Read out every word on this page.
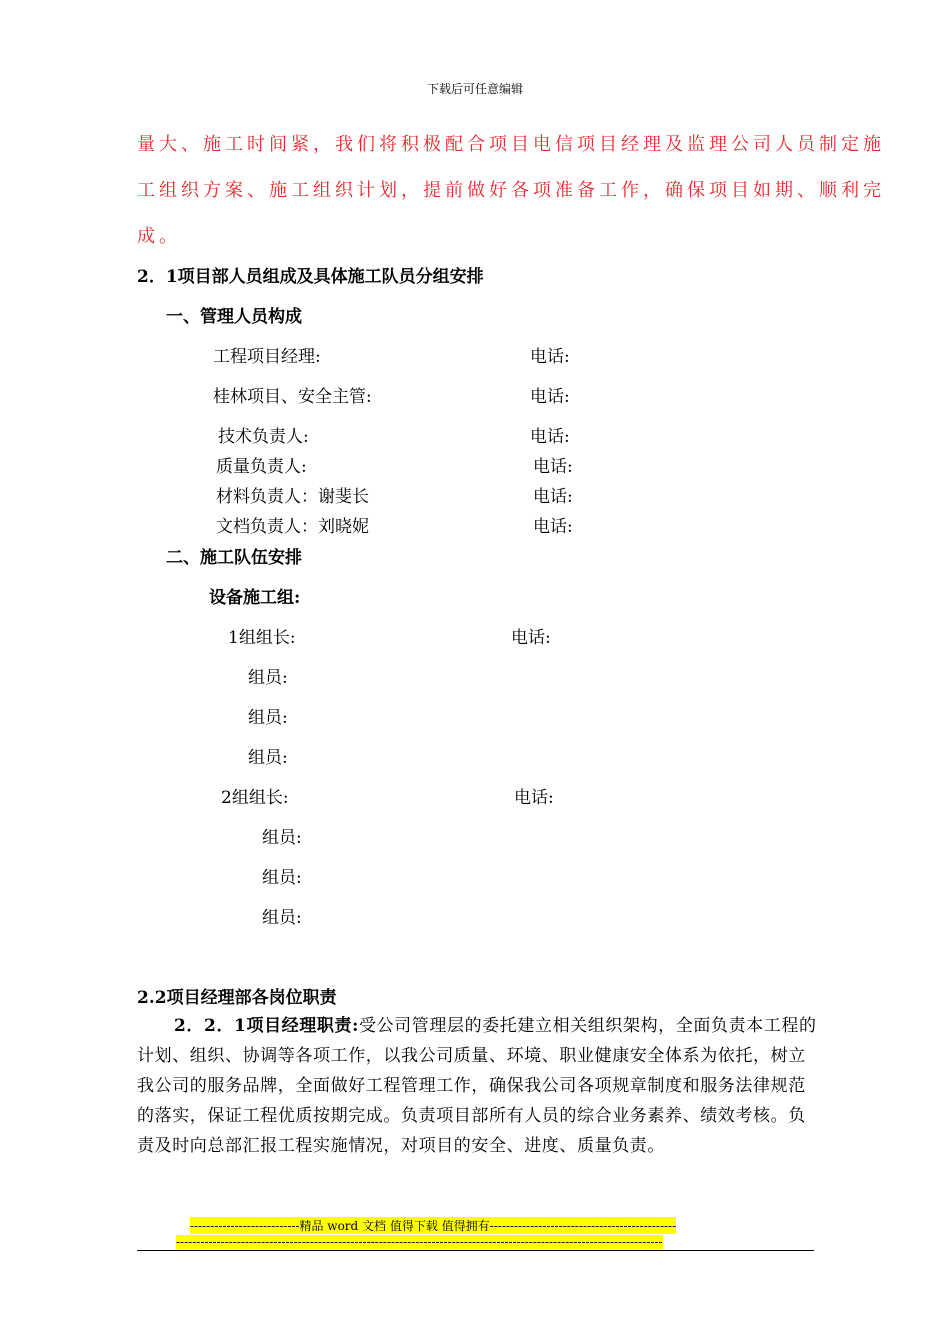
下载后可任意编辑
量大、施工时间紧，我们将积极配合项目电信项目经理及监理公司人员制定施
工组织方案、施工组织计划，提前做好各项准备工作，确保项目如期、顺利完
成。
2．1项目部人员组成及具体施工队员分组安排
一、管理人员构成
工程项目经理:	电话:
桂林项目、安全主管:	电话:
技术负责人:	电话:
质量负责人:	电话:
材料负责人：谢斐长	电话:
文档负责人：刘晓妮	电话:
二、施工队伍安排
设备施工组:
1组组长:	电话:
组员:
组员:
组员:
2组组长:	电话:
组员:
组员:
组员:
2.2项目经理部各岗位职责
2．2．1项目经理职责:受公司管理层的委托建立相关组织架构，全面负责本工程的计划、组织、协调等各项工作，以我公司质量、环境、职业健康安全体系为依托，树立我公司的服务品牌，全面做好工程管理工作，确保我公司各项规章制度和服务法律规范的落实，保证工程优质按期完成。负责项目部所有人员的综合业务素养、绩效考核。负责及时向总部汇报工程实施情况，对项目的安全、进度、质量负责。
---------------------------精品 word 文档 值得下载 值得拥有----------------------------------------------
------------------------------------------------------------------------------------------------------------------------
